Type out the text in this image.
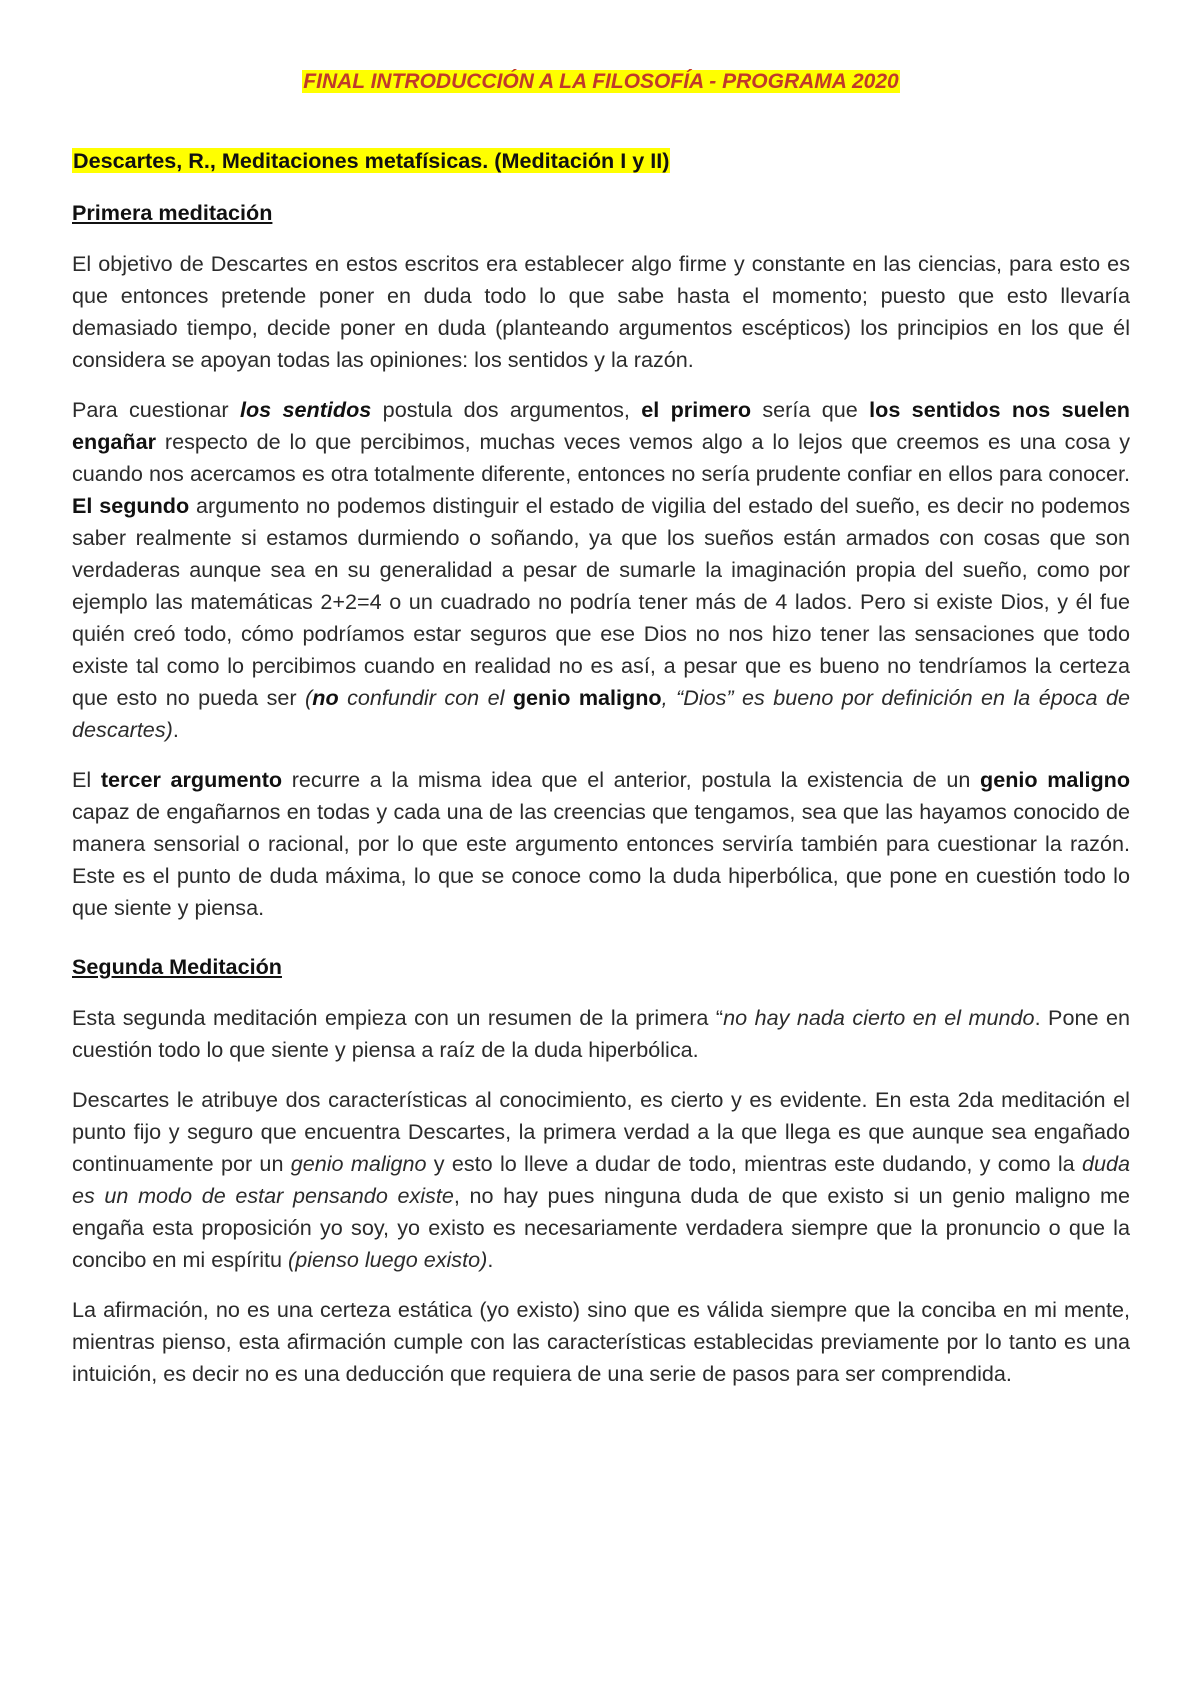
FINAL INTRODUCCIÓN A LA FILOSOFÍA - PROGRAMA 2020
Descartes, R., Meditaciones metafísicas. (Meditación I y II)
Primera meditación

El objetivo de Descartes en estos escritos era establecer algo firme y constante en las ciencias, para esto es que entonces pretende poner en duda todo lo que sabe hasta el momento; puesto que esto llevaría demasiado tiempo, decide poner en duda (planteando argumentos escépticos) los principios en los que él considera se apoyan todas las opiniones: los sentidos y la razón.

Para cuestionar los sentidos postula dos argumentos, el primero sería que los sentidos nos suelen engañar respecto de lo que percibimos, muchas veces vemos algo a lo lejos que creemos es una cosa y cuando nos acercamos es otra totalmente diferente, entonces no sería prudente confiar en ellos para conocer. El segundo argumento no podemos distinguir el estado de vigilia del estado del sueño, es decir no podemos saber realmente si estamos durmiendo o soñando, ya que los sueños están armados con cosas que son verdaderas aunque sea en su generalidad a pesar de sumarle la imaginación propia del sueño, como por ejemplo las matemáticas 2+2=4 o un cuadrado no podría tener más de 4 lados. Pero si existe Dios, y él fue quién creó todo, cómo podríamos estar seguros que ese Dios no nos hizo tener las sensaciones que todo existe tal como lo percibimos cuando en realidad no es así, a pesar que es bueno no tendríamos la certeza que esto no pueda ser (no confundir con el genio maligno, “Dios” es bueno por definición en la época de descartes).

El tercer argumento recurre a la misma idea que el anterior, postula la existencia de un genio maligno capaz de engañarnos en todas y cada una de las creencias que tengamos, sea que las hayamos conocido de manera sensorial o racional, por lo que este argumento entonces serviría también para cuestionar la razón. Este es el punto de duda máxima, lo que se conoce como la duda hiperbólica, que pone en cuestión todo lo que siente y piensa.

Segunda Meditación

Esta segunda meditación empieza con un resumen de la primera “no hay nada cierto en el mundo. Pone en cuestión todo lo que siente y piensa a raíz de la duda hiperbólica.

Descartes le atribuye dos características al conocimiento, es cierto y es evidente. En esta 2da meditación el punto fijo y seguro que encuentra Descartes, la primera verdad a la que llega es que aunque sea engañado continuamente por un genio maligno y esto lo lleve a dudar de todo, mientras este dudando, y como la duda es un modo de estar pensando existe, no hay pues ninguna duda de que existo si un genio maligno me engaña esta proposición yo soy, yo existo es necesariamente verdadera siempre que la pronuncio o que la concibo en mi espíritu (pienso luego existo).

La afirmación, no es una certeza estática (yo existo) sino que es válida siempre que la conciba en mi mente, mientras pienso, esta afirmación cumple con las características establecidas previamente por lo tanto es una intuición, es decir no es una deducción que requiera de una serie de pasos para ser comprendida.
